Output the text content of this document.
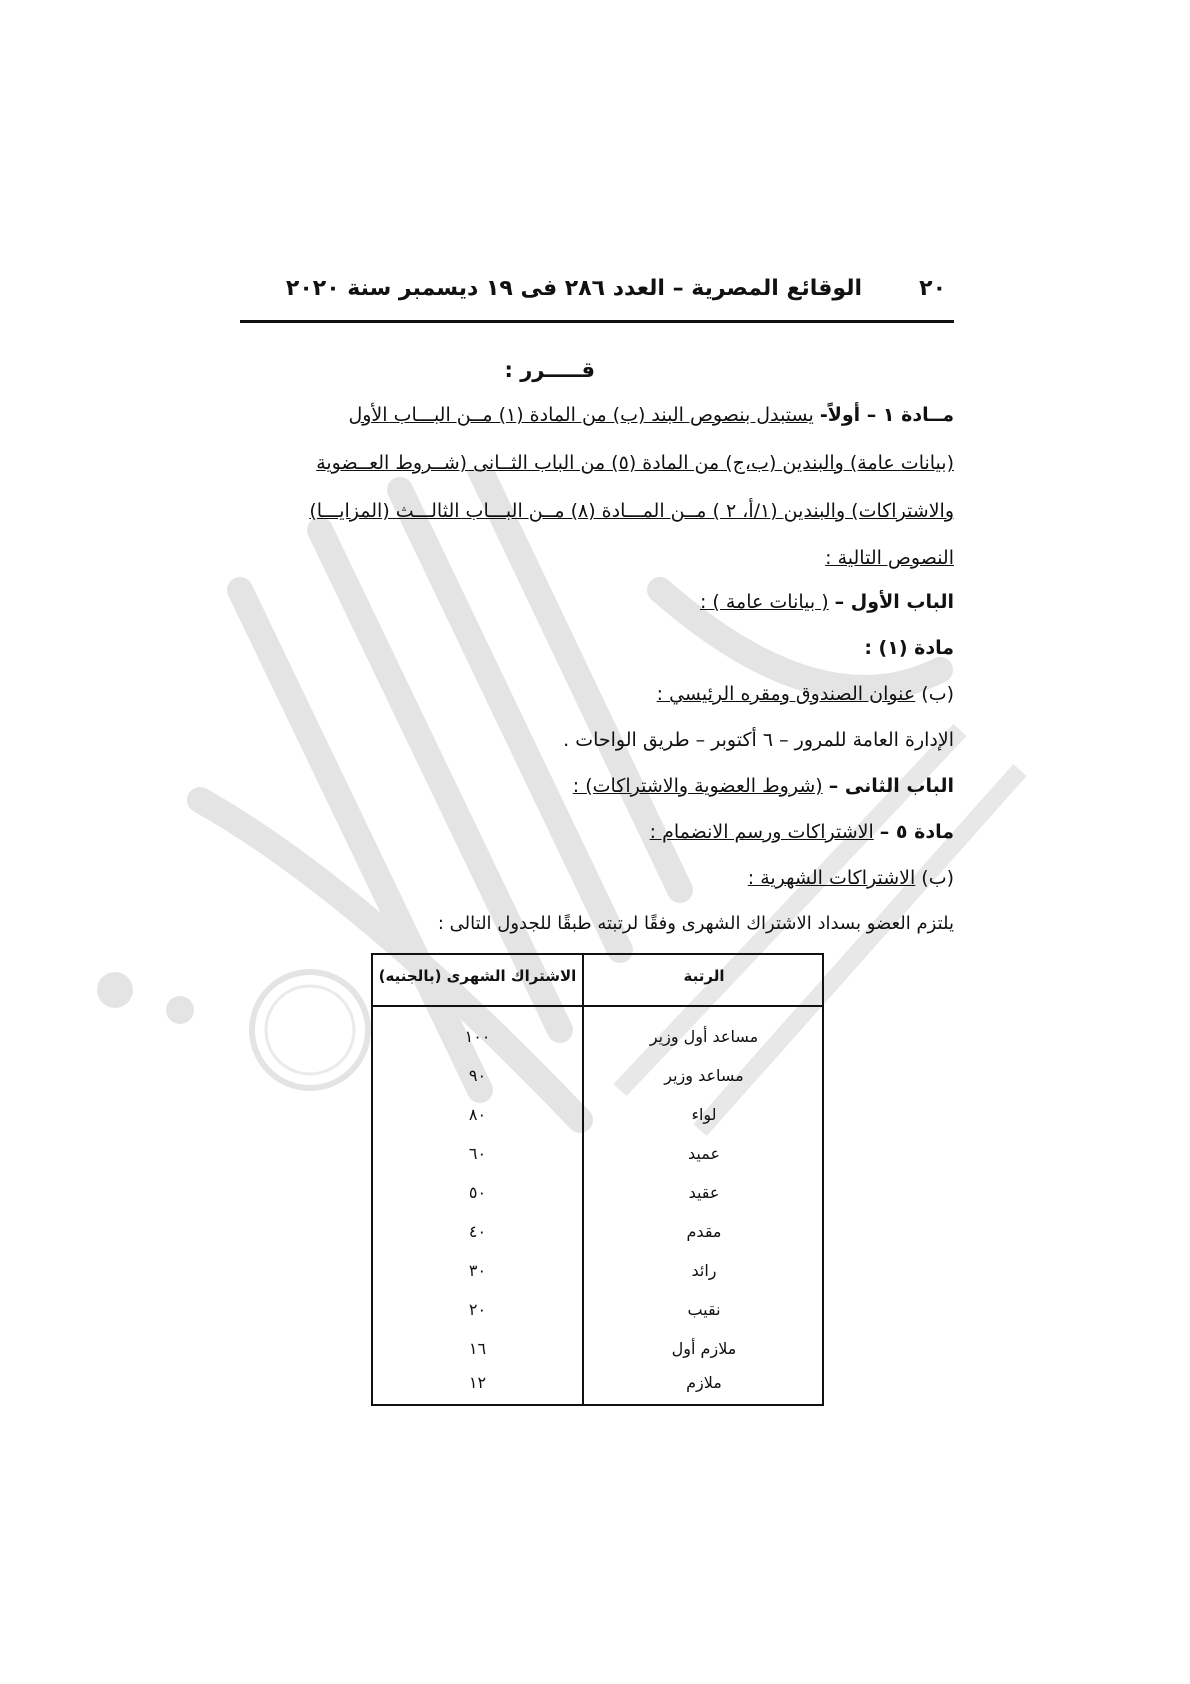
٢٠
الوقائع المصرية – العدد ٢٨٦ فى ١٩ ديسمبر سنة ٢٠٢٠
قـــــرر :
مــادة ١ – أولاً- يستبدل بنصوص البند (ب) من المادة (١) مــن البـــاب الأول
(بيانات عامة) والبندين (ب،ج) من المادة (٥) من الباب الثــانى (شــروط العــضوية
والاشتراكات) والبندين (١/أ، ٢ ) مــن المـــادة (٨) مــن البـــاب الثالـــث (المزايـــا)
النصوص التالية :
الباب الأول – ( بيانات عامة ) :
مادة (١) :
(ب) عنوان الصندوق ومقره الرئيسي :
الإدارة العامة للمرور – ٦ أكتوبر – طريق الواحات .
الباب الثانى – (شروط العضوية والاشتراكات) :
مادة ٥ – الاشتراكات ورسم الانضمام :
(ب) الاشتراكات الشهرية :
يلتزم العضو بسداد الاشتراك الشهرى وفقًا لرتبته طبقًا للجدول التالى :
الرتبة
الاشتراك الشهرى (بالجنيه)
مساعد أول وزير
١٠٠
مساعد وزير
٩٠
لواء
٨٠
عميد
٦٠
عقيد
٥٠
مقدم
٤٠
رائد
٣٠
نقيب
٢٠
ملازم أول
١٦
ملازم
١٢
